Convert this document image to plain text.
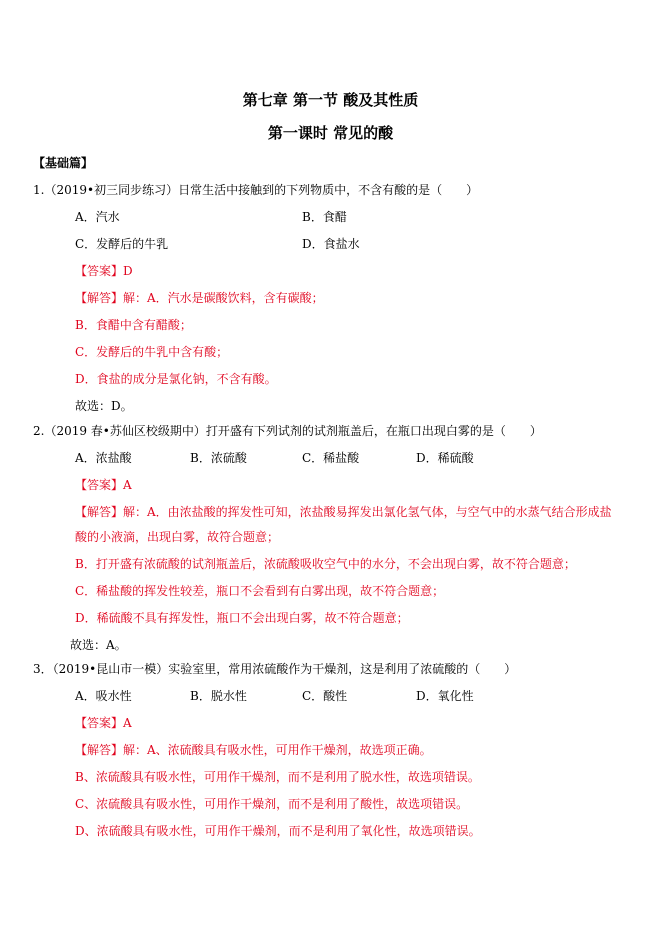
第七章 第一节 酸及其性质
第一课时 常见的酸
【基础篇】
1.（2019•初三同步练习）日常生活中接触到的下列物质中，不含有酸的是（　　）
A．汽水	B．食醋
C．发酵后的牛乳	D．食盐水
【答案】D
【解答】解：A．汽水是碳酸饮料，含有碳酸；
B．食醋中含有醋酸；
C．发酵后的牛乳中含有酸；
D．食盐的成分是氯化钠，不含有酸。
故选：D。
2.（2019 春•苏仙区校级期中）打开盛有下列试剂的试剂瓶盖后，在瓶口出现白雾的是（　　）
A．浓盐酸	B．浓硫酸	C．稀盐酸	D．稀硫酸
【答案】A
【解答】解：A．由浓盐酸的挥发性可知，浓盐酸易挥发出氯化氢气体，与空气中的水蒸气结合形成盐
酸的小液滴，出现白雾，故符合题意；
B．打开盛有浓硫酸的试剂瓶盖后，浓硫酸吸收空气中的水分，不会出现白雾，故不符合题意；
C．稀盐酸的挥发性较差，瓶口不会看到有白雾出现，故不符合题意；
D．稀硫酸不具有挥发性，瓶口不会出现白雾，故不符合题意；
故选：A。
3．（2019•昆山市一模）实验室里，常用浓硫酸作为干燥剂，这是利用了浓硫酸的（　　）
A．吸水性	B．脱水性	C．酸性	D．氧化性
【答案】A
【解答】解：A、浓硫酸具有吸水性，可用作干燥剂，故选项正确。
B、浓硫酸具有吸水性，可用作干燥剂，而不是利用了脱水性，故选项错误。
C、浓硫酸具有吸水性，可用作干燥剂，而不是利用了酸性，故选项错误。
D、浓硫酸具有吸水性，可用作干燥剂，而不是利用了氧化性，故选项错误。
